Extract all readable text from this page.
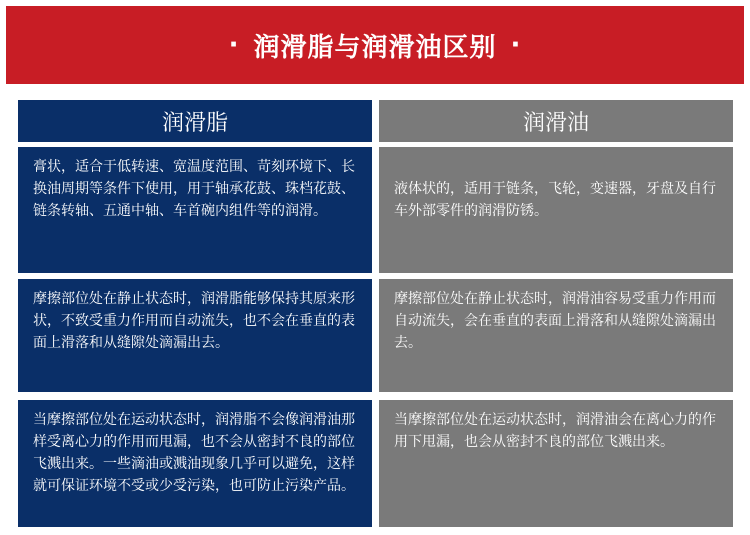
· 润滑脂与润滑油区别 ·
润滑脂	润滑油
膏状，适合于低转速、宽温度范围、苛刻环境下、长换油周期等条件下使用，用于轴承花鼓、珠档花鼓、链条转轴、五通中轴、车首碗内组件等的润滑。
液体状的，适用于链条，飞轮，变速器，牙盘及自行车外部零件的润滑防锈。
摩擦部位处在静止状态时，润滑脂能够保持其原来形状，不致受重力作用而自动流失，也不会在垂直的表面上滑落和从缝隙处滴漏出去。
摩擦部位处在静止状态时，润滑油容易受重力作用而自动流失，会在垂直的表面上滑落和从缝隙处滴漏出去。
当摩擦部位处在运动状态时，润滑脂不会像润滑油那样受离心力的作用而甩漏，也不会从密封不良的部位飞溅出来。一些滴油或溅油现象几乎可以避免，这样就可保证环境不受或少受污染，也可防止污染产品。
当摩擦部位处在运动状态时，润滑油会在离心力的作用下甩漏，也会从密封不良的部位飞溅出来。
